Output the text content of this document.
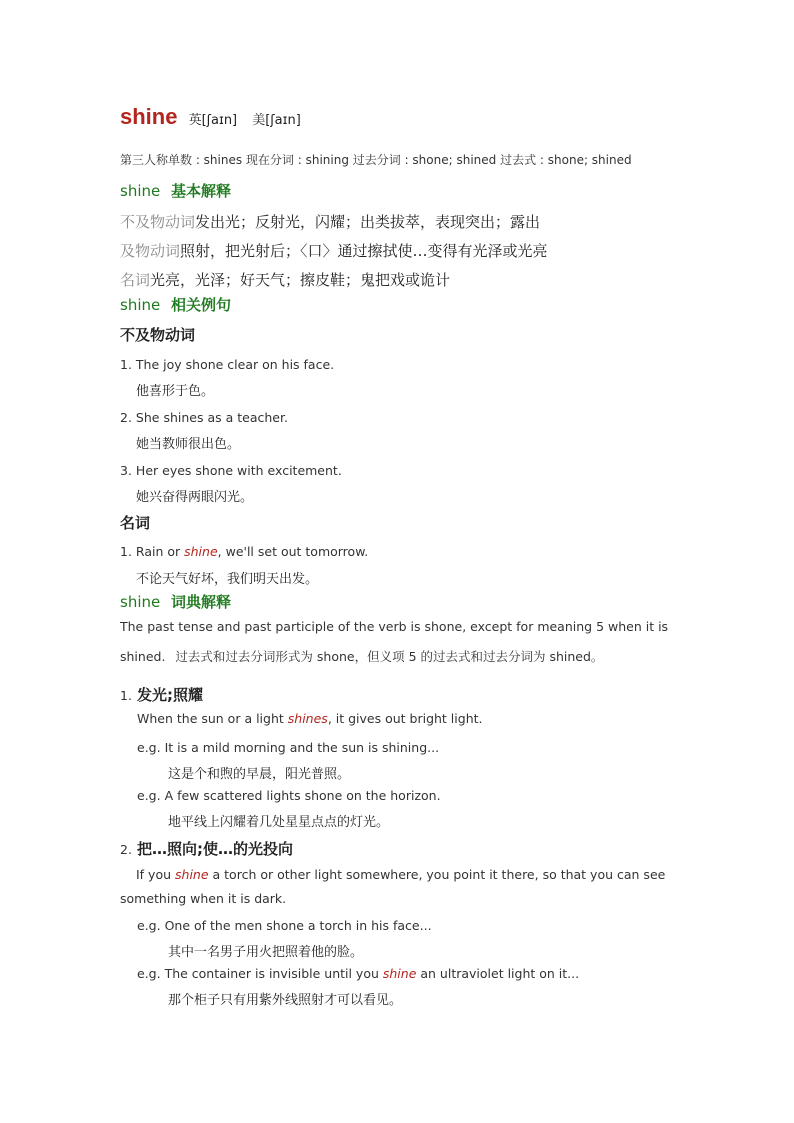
shine 英[ʃaɪn] 美[ʃaɪn]
第三人称单数 : shines 现在分词 : shining 过去分词 : shone; shined 过去式 : shone; shined
shine 基本解释
不及物动词发出光；反射光，闪耀；出类拔萃，表现突出；露出
及物动词照射，把光射后；〈口〉通过擦拭使…变得有光泽或光亮
名词光亮，光泽；好天气；擦皮鞋；鬼把戏或诡计
shine 相关例句
不及物动词
1. The joy shone clear on his face.
他喜形于色。
2. She shines as a teacher.
她当教师很出色。
3. Her eyes shone with excitement.
她兴奋得两眼闪光。
名词
1. Rain or shine, we'll set out tomorrow.
不论天气好坏，我们明天出发。
shine 词典解释
The past tense and past participle of the verb is shone, except for meaning 5 when it is shined. 过去式和过去分词形式为 shone，但义项 5 的过去式和过去分词为 shined。
1. 发光;照耀
When the sun or a light shines, it gives out bright light.
e.g. It is a mild morning and the sun is shining...
这是个和煦的早晨，阳光普照。
e.g. A few scattered lights shone on the horizon.
地平线上闪耀着几处星星点点的灯光。
2. 把…照向;使…的光投向
If you shine a torch or other light somewhere, you point it there, so that you can see something when it is dark.
e.g. One of the men shone a torch in his face...
其中一名男子用火把照着他的脸。
e.g. The container is invisible until you shine an ultraviolet light on it...
那个柜子只有用紫外线照射才可以看见。
